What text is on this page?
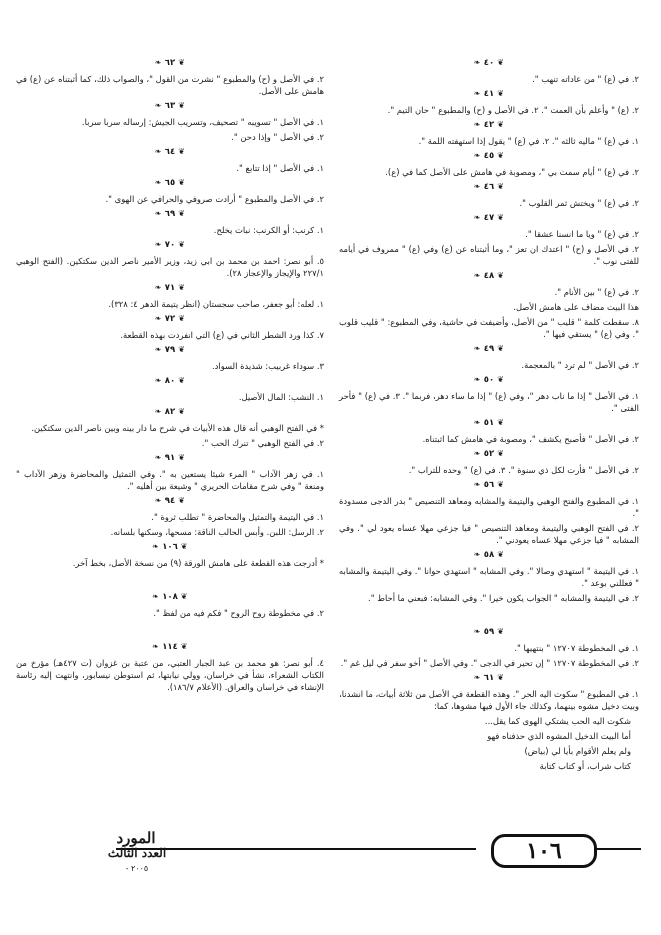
❦٤٠❧
٢. في (ع) " من عاداته تنهب ".
❦٤١❧
٢. (ع) " وأعلم بأن العمت ". ٢. في الأصل و (ح) والمطبوع " حان التيم ".
❦٤٢❧
١. في (ع) " ماليه ثالثه ". ٢. في (ع) " يقول إذا استهفته اللمة ".
❦٤٥❧
٢. في (ع) " أيام سمت بي "، ومصوبة في هامش على الأصل كما في (ع).
❦٤٦❧
٢. في (ع) " ويختش ثمر القلوب ".
❦٤٧❧
٢. في (ع) " ويا ما انسنا عشقا ".
٢. في الأصل و (ح) " اعتدك ان تعز "، وما أثبتناه عن (ع) وفي (ع) " ممروف في أيامه للفتى نوب ".
❦٤٨❧
٢. في (ع) " بين الأنام ".
هذا البيت مضاف على هامش الأصل.
٨. سقطت كلمة " قليب " من الأصل، وأضيفت في حاشية، وفي المطبوع: " قليب قلوب ". وفي (ع) " يستقي فيها ".
❦٤٩❧
٢. في الأصل " لم ترد " بالمعجمة.
❦٥٠❧
١. في الأصل " إذا ما ناب دهر "، وفي (ع) " إذا ما ساء دهر، فربما ". ٣. في (ع) " فأحر الفتى ".
❦٥١❧
٢. في الأصل " فأصبح يكشف "، ومصوبة في هامش كما اثبتناه.
❦٥٢❧
٢. في الأصل " فأرت لكل ذي سنوة ". ٣. في (ع) " وحده للتراب ".
❦٥٦❧
١. في المطبوع والفتح الوهبي واليتيمة والمشابه ومعاهد التنصيص " بدر الدجى مسدودة ".
٢. في الفتح الوهبي واليتيمة ومعاهد التنصيص " فيا جزعي مهلا عساه يعود لي ". وفي المشابه " فيا جزعي مهلا عساه يعودني ".
❦٥٨❧
١. في اليتيمة " استهدي وصالا ". وفي المشابه " استهدي حوانا ". وفي اليتيمة والمشابه " فعللني بوعد ".
٢. في اليتيمة والمشابه " الجواب يكون خيرا ". وفي المشابه: فبعني ما أحاط ".
❦٥٩❧
١. في المخطوطة ١٢٧٠٧ " بنتهيها ".
٢. في المخطوطة ١٢٧٠٧ " إن تحير في الدجى ". وفي الأصل " أخو سفر في ليل غم ".
❦٦١❧
١. في المطبوع " سكوت اليه الحر ". وهذه القطعة في الأصل من ثلاثة أبيات، ما انشدنا، وبيت دخيل مشوه بينهما، وكذلك جاء الأول فيها مشوها، كما:
شكوت اليه الحب يشتكي الهوى كما يقل...
أما البيت الدخيل المشوه الذي حذفناه فهو
ولم يعلم الأقوام بأيا لي (بياض)
كتاب شراب، أو كتاب كتابة
❦٦٢❧
٢. في الأصل و (ح) والمطبوع " نشرت من القول "، والصواب ذلك، كما أثبتناه عن (ع) في هامش على الأصل.
❦٦٣❧
١. في الأصل " تسويبه " تصحيف، وتسريب الجيش: إرساله سربا سربا.
٢. في الأصل " وإذا دحن ".
❦٦٤❧
١. في الأصل " إذا تتابع ".
❦٦٥❧
٢. في الأصل والمطبوع " أرادت صروفي والحرافي عن الهوى ".
❦٦٩❧
١. كرنب: أو الكرنب: نبات يخلح.
❦٧٠❧
٥. أبو نصر: احمد بن محمد بن ابي زيد، وزير الأمير ناصر الدين سكتكين. (الفتح الوهبي ٢٢٧/١ والإيجاز والإعجاز ٢٨).
❦٧١❧
١. لعله: أبو جعفر، صاحب سجستان (انظر يتيمة الدهر ٤: ٣٢٨).
❦٧٢❧
٧. كذا ورد الشطر الثاني في (ع) التي انفردت بهذه القطعة.
❦٧٩❧
٣. سوداء غربيب: شديدة السواد.
❦٨٠❧
١. النشب: المال الأصيل.
❦٨٢❧
* في الفتح الوهبي أنه قال هذه الأبيات في شرح ما دار بينه وبين ناصر الدين سكتكين.
٢. في الفتح الوهبي " تنرك الحب ".
❦٩١❧
١. في زهر الآداب " المرء شيئا يستعين به ". وفي التمثيل والمحاضرة وزهر الآداب " ومنعة " وفي شرح مقامات الحريري " وشيعة بين أهليه ".
❦٩٤❧
١. في اليتيمة والتمثيل والمحاضرة " تطلب ثروة ".
٢. الرسل: اللبن. وأبس الحالب الناقة: مسحها، وسكنها بلسانه.
❦١٠٦❧
* أدرجت هذه القطعة على هامش الورقة (٩) من نسخة الأصل، بخط آخر.
❦١٠٨❧
٢. في مخطوطة روح الروح " فكم فيه من لفظ ".
❦١١٤❧
٤. أبو نصر: هو محمد بن عبد الجبار العتبي، من عتبة بن غزوان (ت ٤٢٧هـ) مؤرخ من الكتاب الشعراء، نشأ في خراسان، وولي نيابتها، ثم استوطن نيسابور، وانتهت إليه رئاسة الإنشاء في خراسان والعراق. (الأعلام ١٨٦/٧).
١٠٦
المورد
العدد الثالث
٢٠٠٥ -
